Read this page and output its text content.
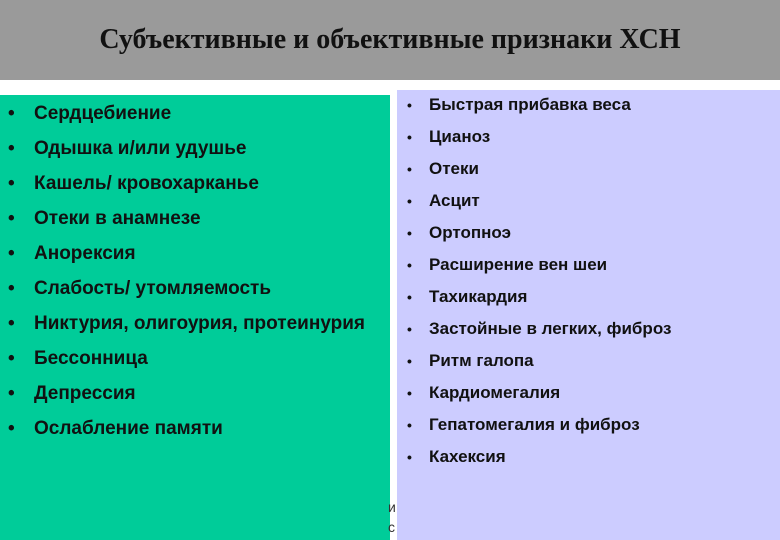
Субъективные и объективные признаки ХСН
• Сердцебиение
• Одышка и/или удушье
• Кашель/ кровохарканье
• Отеки в анамнезе
• Анорексия
• Слабость/ утомляемость
• Никтурия, олигоурия, протеинурия
• Бессонница
• Депрессия
• Ослабление памяти
• Быстрая прибавка веса
• Цианоз
• Отеки
• Асцит
• Ортопноэ
• Расширение вен шеи
• Тахикардия
• Застойные в легких, фиброз
• Ритм галопа
• Кардиомегалия
• Гепатомегалия и фиброз
• Кахексия
и
с
